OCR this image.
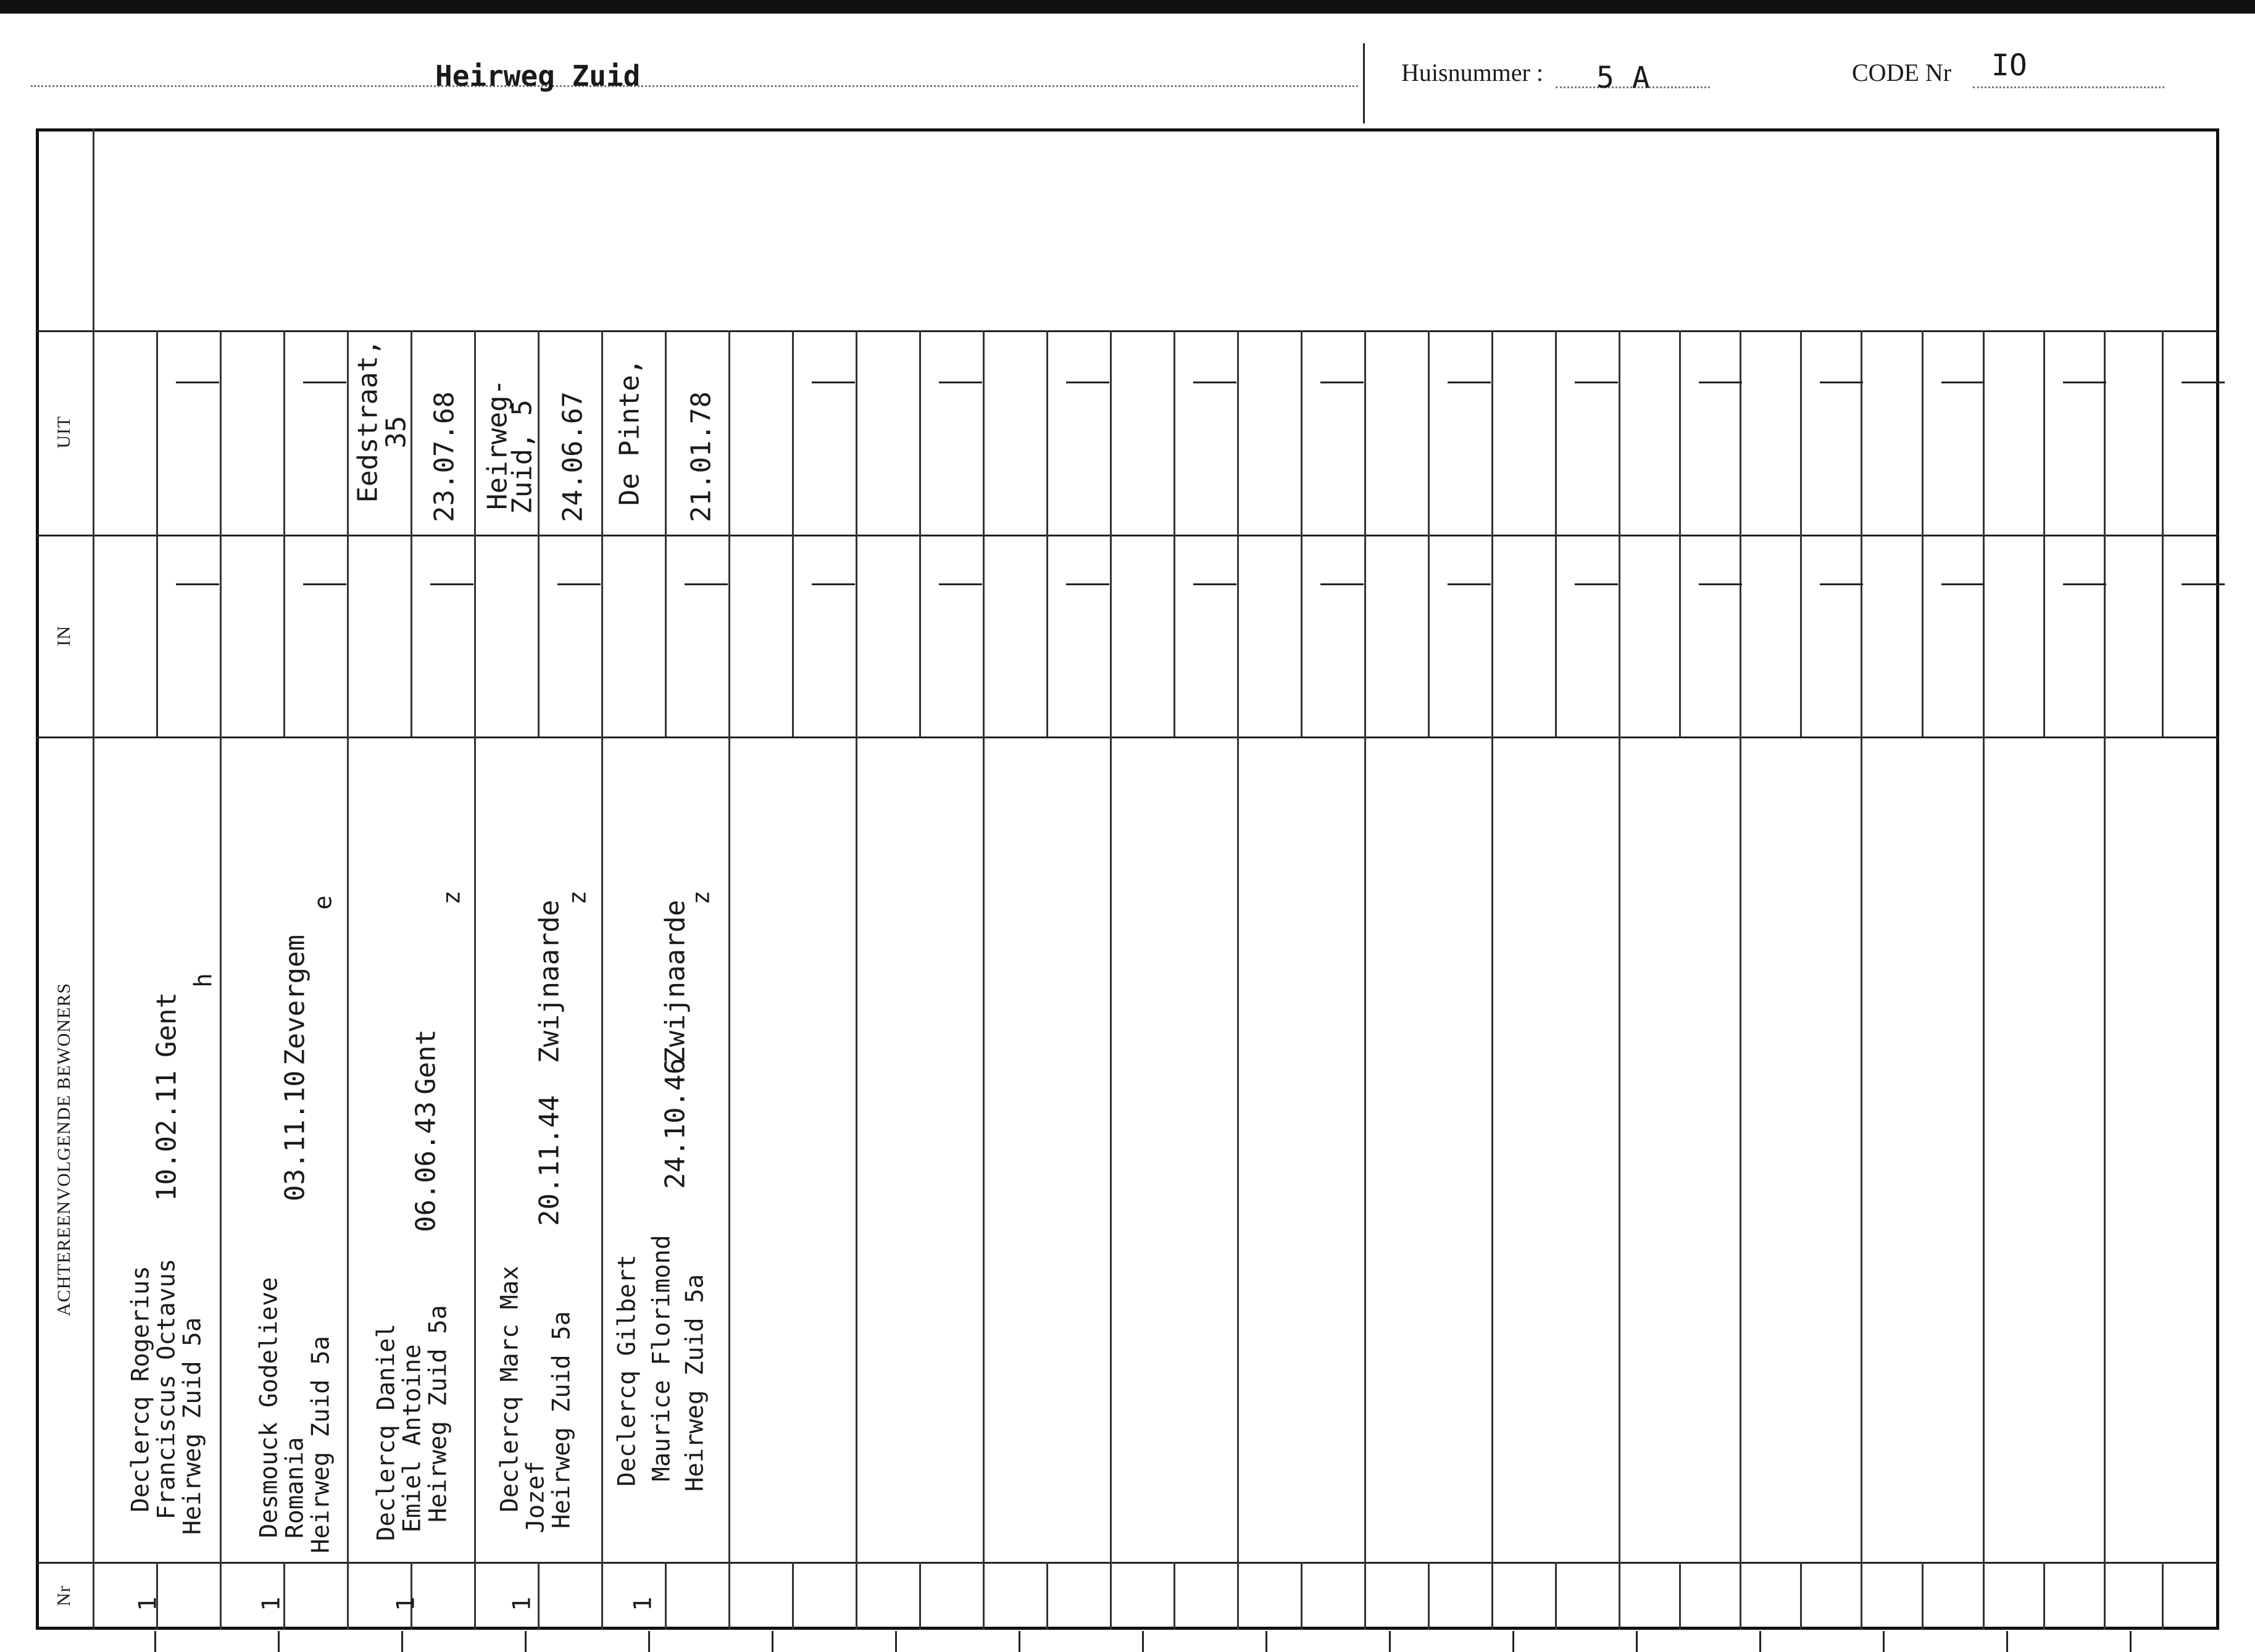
Heirweg Zuid	Huisnummer : 5 A	CODE Nr IO
UIT
IN
ACHTEREENVOLGENDE BEWONERS
Nr
Declercq Rogerius
Franciscus Octavus
Heirweg Zuid 5a
10.02.11
Gent
h
1
Desmouck Godelieve
Romania
Heirweg Zuid 5a
03.11.10
Zevergem
e
1
Declercq Daniel
Emiel Antoine
Heirweg Zuid 5a
06.06.43
Gent
z
1
Eedstraat,
35 23.07.68
Declercq Marc Max
Jozef
Heirweg Zuid 5a
20.11.44
Zwijnaarde
z
1
Heirweg-
Zuid, 5 24.06.67
Declercq Gilbert Maurice Florimond Heirweg Zuid 5a
24.10.46
Zwijnaarde
z
1
De Pinte, 21.01.78
